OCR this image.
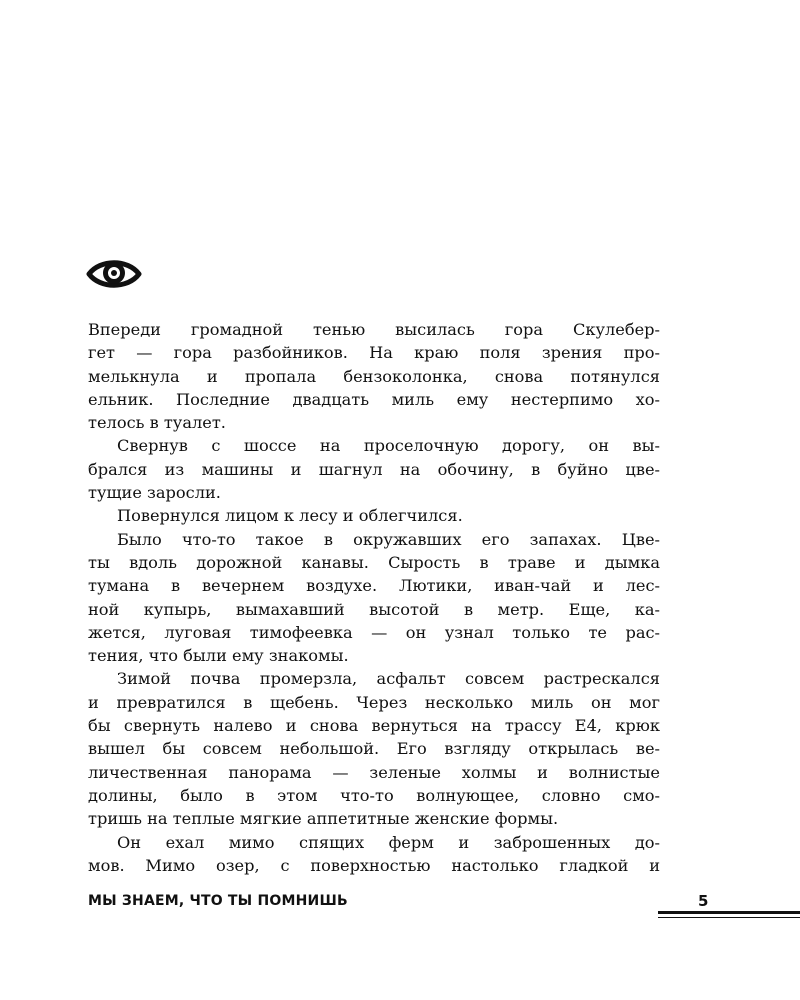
Впереди громадной тенью высилась гора Скулебер-
гет — гора разбойников. На краю поля зрения про-
мелькнула и пропала бензоколонка, снова потянулся
ельник. Последние двадцать миль ему нестерпимо хо-
телось в туалет.
Свернув с шоссе на проселочную дорогу, он вы-
брался из машины и шагнул на обочину, в буйно цве-
тущие заросли.
Повернулся лицом к лесу и облегчился.
Было что-то такое в окружавших его запахах. Цве-
ты вдоль дорожной канавы. Сырость в траве и дымка
тумана в вечернем воздухе. Лютики, иван-чай и лес-
ной купырь, вымахавший высотой в метр. Еще, ка-
жется, луговая тимофеевка — он узнал только те рас-
тения, что были ему знакомы.
Зимой почва промерзла, асфальт совсем растрескался
и превратился в щебень. Через несколько миль он мог
бы свернуть налево и снова вернуться на трассу Е4, крюк
вышел бы совсем небольшой. Его взгляду открылась ве-
личественная панорама — зеленые холмы и волнистые
долины, было в этом что-то волнующее, словно смо-
тришь на теплые мягкие аппетитные женские формы.
Он ехал мимо спящих ферм и заброшенных до-
мов. Мимо озер, с поверхностью настолько гладкой и
МЫ ЗНАЕМ, ЧТО ТЫ ПОМНИШЬ	5
